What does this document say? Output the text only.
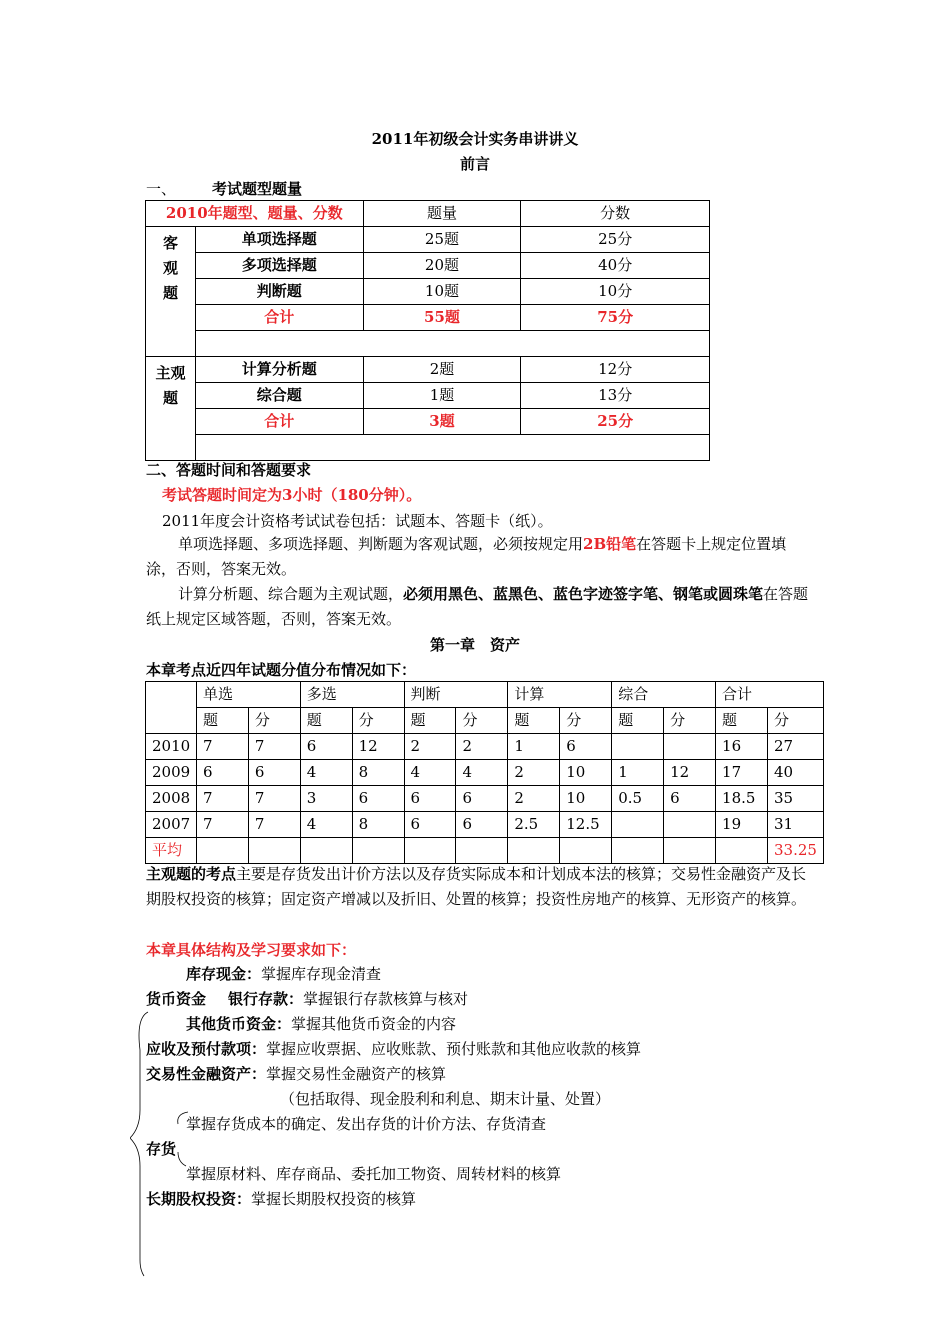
2011年初级会计实务串讲讲义
前言
一、 考试题型题量
2010年题型、题量、分数		题量	分数
客
观
题	单项选择题	25题	25分
	多项选择题	20题	40分
	判断题	10题	10分
	合计	55题	75分

主观
题	计算分析题	2题	12分
	综合题	1题	13分
	合计	3题	25分

二、答题时间和答题要求
考试答题时间定为3小时（180分钟）。
2011年度会计资格考试试卷包括：试题本、答题卡（纸）。
单项选择题、多项选择题、判断题为客观试题，必须按规定用2B铅笔在答题卡上规定位置填涂，否则，答案无效。
计算分析题、综合题为主观试题，必须用黑色、蓝黑色、蓝色字迹签字笔、钢笔或圆珠笔在答题纸上规定区域答题，否则，答案无效。
第一章　资产
本章考点近四年试题分值分布情况如下：
	单选		多选		判断		计算		综合		合计	
	题	分	题	分	题	分	题	分	题	分	题	分
2010	7	7	6	12	2	2	1	6			16	27
2009	6	6	4	8	4	4	2	10	1	12	17	40
2008	7	7	3	6	6	6	2	10	0.5	6	18.5	35
2007	7	7	4	8	6	6	2.5	12.5			19	31
平均												33.25
主观题的考点主要是存货发出计价方法以及存货实际成本和计划成本法的核算；交易性金融资产及长期股权投资的核算；固定资产增减以及折旧、处置的核算；投资性房地产的核算、无形资产的核算。
本章具体结构及学习要求如下：
库存现金：掌握库存现金清查
货币资金 银行存款：掌握银行存款核算与核对
其他货币资金：掌握其他货币资金的内容
应收及预付款项：掌握应收票据、应收账款、预付账款和其他应收款的核算
交易性金融资产：掌握交易性金融资产的核算
（包括取得、现金股利和利息、期末计量、处置）
掌握存货成本的确定、发出存货的计价方法、存货清查
存货
掌握原材料、库存商品、委托加工物资、周转材料的核算
长期股权投资：掌握长期股权投资的核算
